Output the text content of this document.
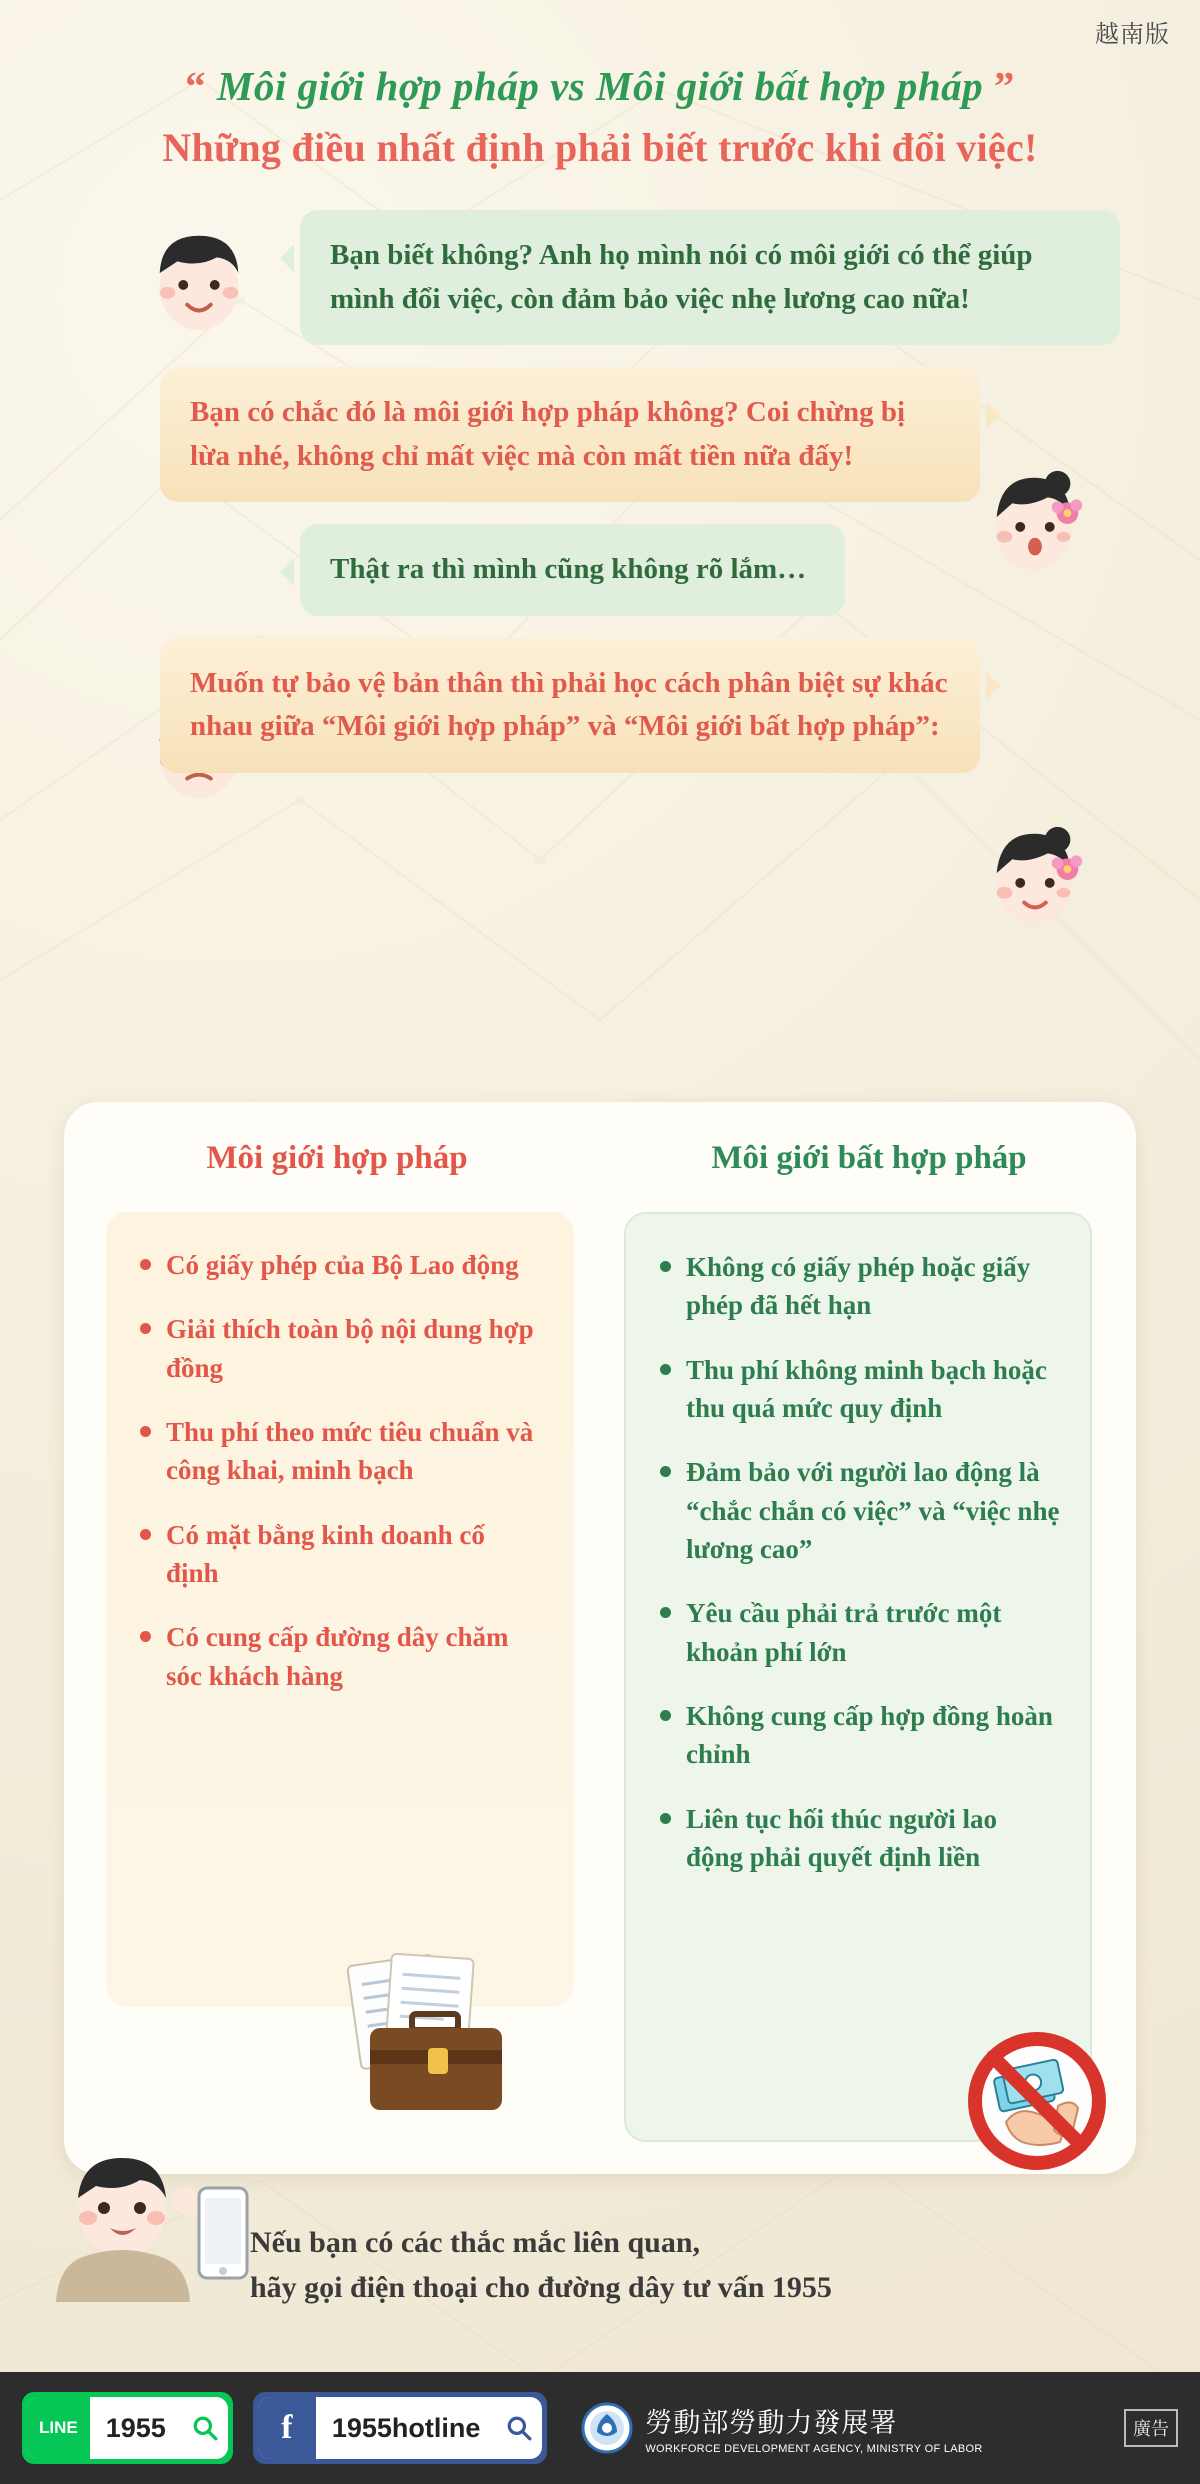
越南版
“ Môi giới hợp pháp vs Môi giới bất hợp pháp ”
Những điều nhất định phải biết trước khi đổi việc!
Bạn biết không? Anh họ mình nói có môi giới có thể giúp mình đổi việc, còn đảm bảo việc nhẹ lương cao nữa!
Bạn có chắc đó là môi giới hợp pháp không? Coi chừng bị lừa nhé, không chỉ mất việc mà còn mất tiền nữa đấy!
Thật ra thì mình cũng không rõ lắm…
Muốn tự bảo vệ bản thân thì phải học cách phân biệt sự khác nhau giữa “Môi giới hợp pháp” và “Môi giới bất hợp pháp”:
Môi giới hợp pháp	Môi giới bất hợp pháp
Có giấy phép của Bộ Lao động
Giải thích toàn bộ nội dung hợp đồng
Thu phí theo mức tiêu chuẩn và công khai, minh bạch
Có mặt bằng kinh doanh cố định
Có cung cấp đường dây chăm sóc khách hàng
Không có giấy phép hoặc giấy phép đã hết hạn
Thu phí không minh bạch hoặc thu quá mức quy định
Đảm bảo với người lao động là “chắc chắn có việc” và “việc nhẹ lương cao”
Yêu cầu phải trả trước một khoản phí lớn
Không cung cấp hợp đồng hoàn chỉnh
Liên tục hối thúc người lao động phải quyết định liền
Nếu bạn có các thắc mắc liên quan,
hãy gọi điện thoại cho đường dây tư vấn 1955
LINE	1955	f	1955hotline	勞動部勞動力發展署
WORKFORCE DEVELOPMENT AGENCY, MINISTRY OF LABOR
廣告
